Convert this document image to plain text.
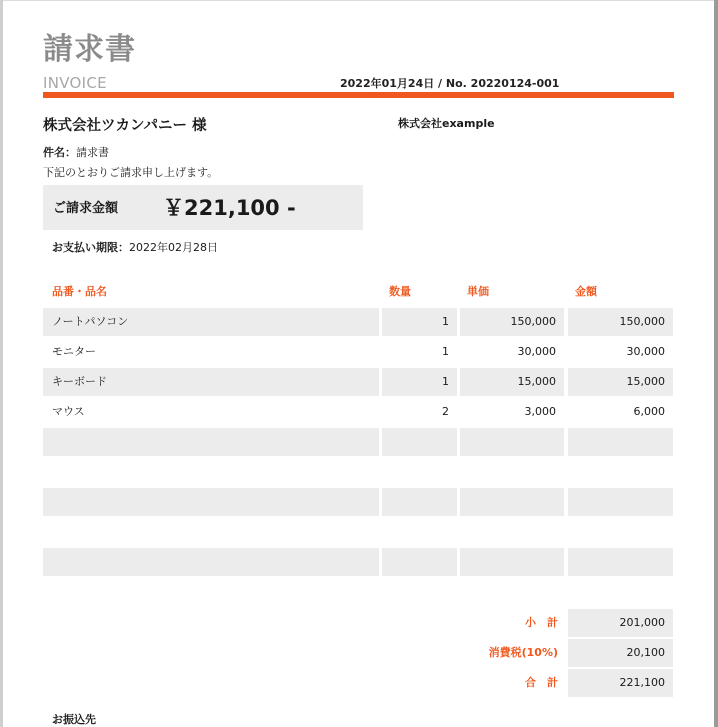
請求書
INVOICE	2022年01月24日 / No. 20220124-001
株式会社ツカンパニー 様	株式会社example
件名：請求書
下記のとおりご請求申し上げます。
ご請求金額 ￥221,100 -
お支払い期限：2022年02月28日
品番・品名	数量	単価	金額
ノートパソコン	1	150,000	150,000
モニター	1	30,000	30,000
キーボード	1	15,000	15,000
マウス	2	3,000	6,000
小　計	201,000
消費税(10%)	20,100
合　計	221,100
お振込先
